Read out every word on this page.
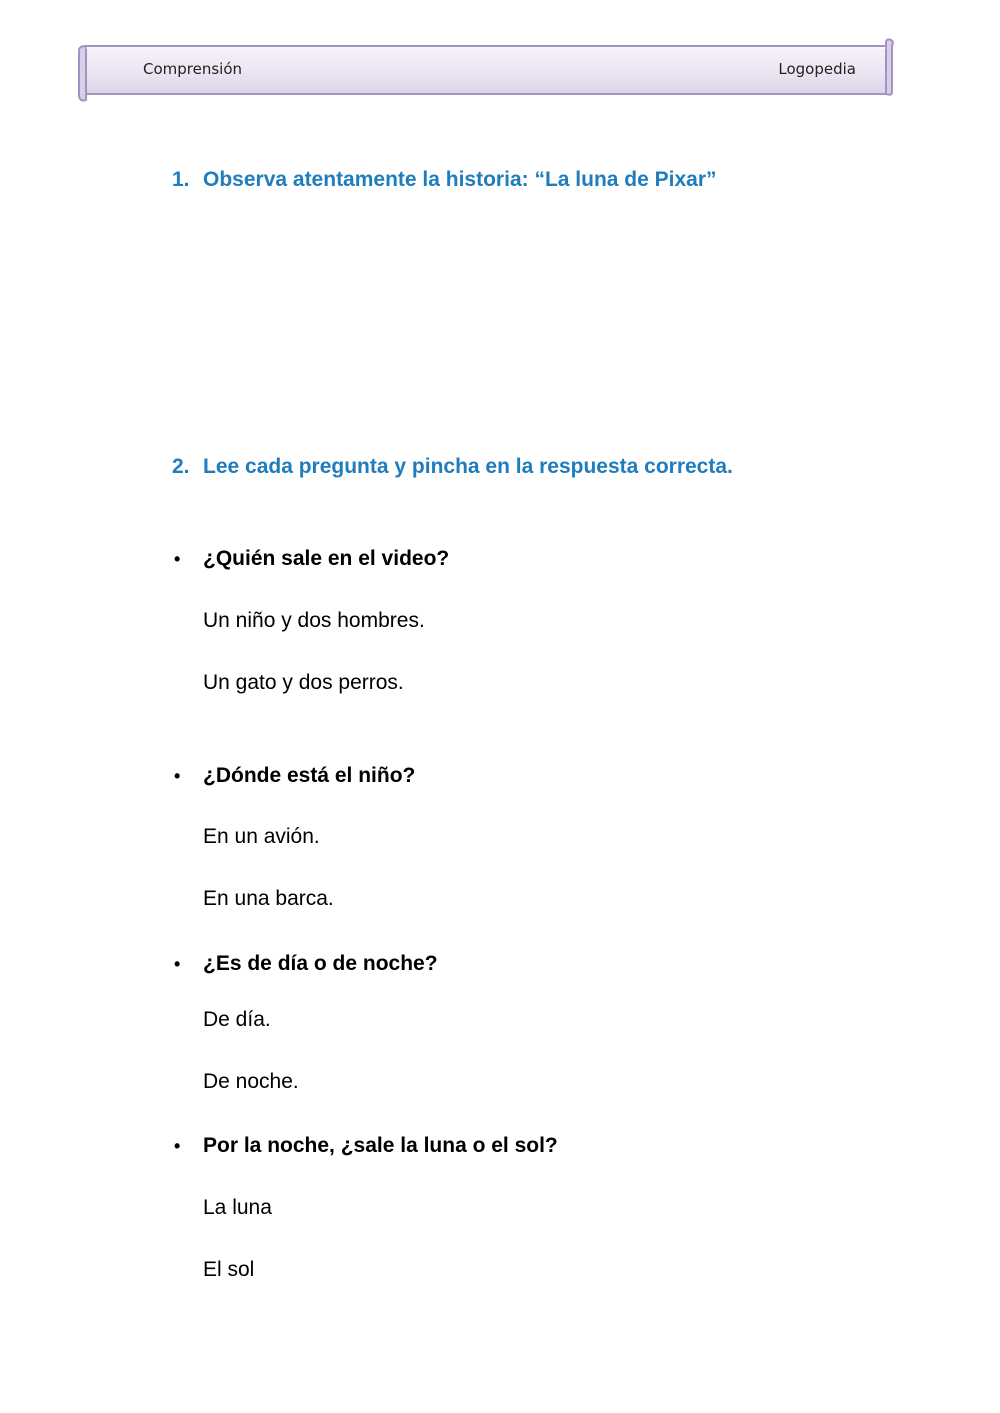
Comprensión	Logopedia
1. Observa atentamente la historia: “La luna de Pixar”
2. Lee cada pregunta y pincha en la respuesta correcta.
• ¿Quién sale en el video?
Un niño y dos hombres.
Un gato y dos perros.
• ¿Dónde está el niño?
En un avión.
En una barca.
• ¿Es de día o de noche?
De día.
De noche.
• Por la noche, ¿sale la luna o el sol?
La luna
El sol
